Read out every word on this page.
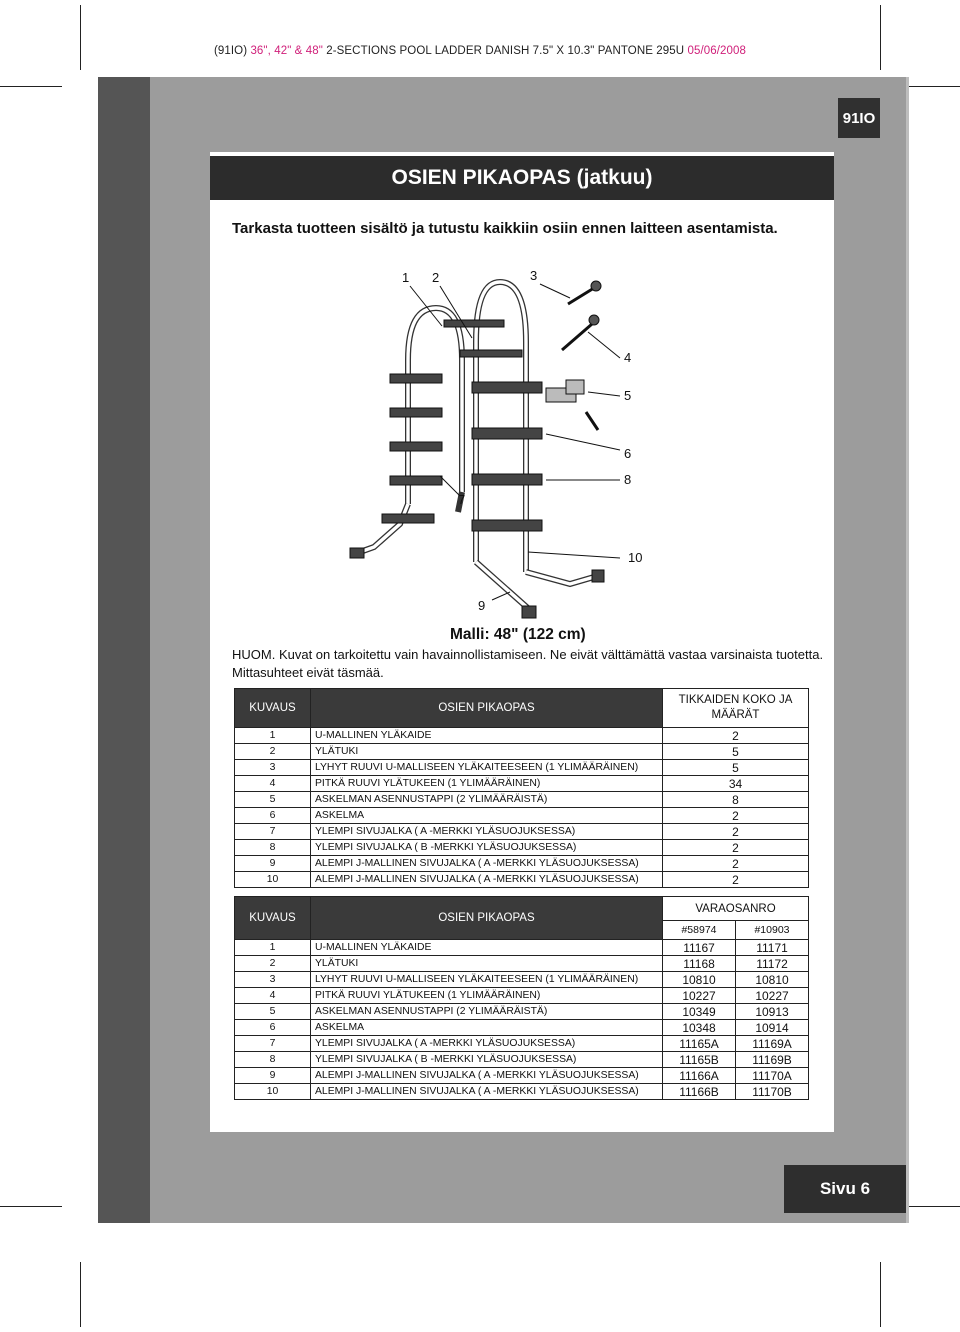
(91IO) 36", 42" & 48" 2-SECTIONS POOL LADDER DANISH 7.5" X 10.3" PANTONE 295U 05/06/2008
91IO
OSIEN PIKAOPAS (jatkuu)
Tarkasta tuotteen sisältö ja tutustu kaikkiin osiin ennen laitteen asentamista.
1 2	3
4
5
6
8
7
10
9
Malli: 48" (122 cm)
HUOM. Kuvat on tarkoitettu vain havainnollistamiseen. Ne eivät välttämättä vastaa varsinaista tuotetta.
Mittasuhteet eivät täsmää.
KUVAUS	OSIEN PIKAOPAS	TIKKAIDEN KOKO JA MÄÄRÄT
1	U-MALLINEN YLÄKAIDE	2
2	YLÄTUKI	5
3	LYHYT RUUVI U-MALLISEEN YLÄKAITEESEEN (1 YLIMÄÄRÄINEN)	5
4	PITKÄ RUUVI YLÄTUKEEN (1 YLIMÄÄRÄINEN)	34
5	ASKELMAN ASENNUSTAPPI (2 YLIMÄÄRÄISTÄ)	8
6	ASKELMA	2
7	YLEMPI SIVUJALKA ( A -MERKKI YLÄSUOJUKSESSA)	2
8	YLEMPI SIVUJALKA ( B -MERKKI YLÄSUOJUKSESSA)	2
9	ALEMPI J-MALLINEN SIVUJALKA ( A -MERKKI YLÄSUOJUKSESSA)	2
10	ALEMPI J-MALLINEN SIVUJALKA ( A -MERKKI YLÄSUOJUKSESSA)	2
KUVAUS	OSIEN PIKAOPAS	VARAOSANRO	
		#58974	#10903
1	U-MALLINEN YLÄKAIDE	11167	11171
2	YLÄTUKI	11168	11172
3	LYHYT RUUVI U-MALLISEEN YLÄKAITEESEEN (1 YLIMÄÄRÄINEN)	10810	10810
4	PITKÄ RUUVI YLÄTUKEEN (1 YLIMÄÄRÄINEN)	10227	10227
5	ASKELMAN ASENNUSTAPPI (2 YLIMÄÄRÄISTÄ)	10349	10913
6	ASKELMA	10348	10914
7	YLEMPI SIVUJALKA ( A -MERKKI YLÄSUOJUKSESSA)	11165A	11169A
8	YLEMPI SIVUJALKA ( B -MERKKI YLÄSUOJUKSESSA)	11165B	11169B
9	ALEMPI J-MALLINEN SIVUJALKA ( A -MERKKI YLÄSUOJUKSESSA)	11166A	11170A
10	ALEMPI J-MALLINEN SIVUJALKA ( A -MERKKI YLÄSUOJUKSESSA)	11166B	11170B
Sivu 6
